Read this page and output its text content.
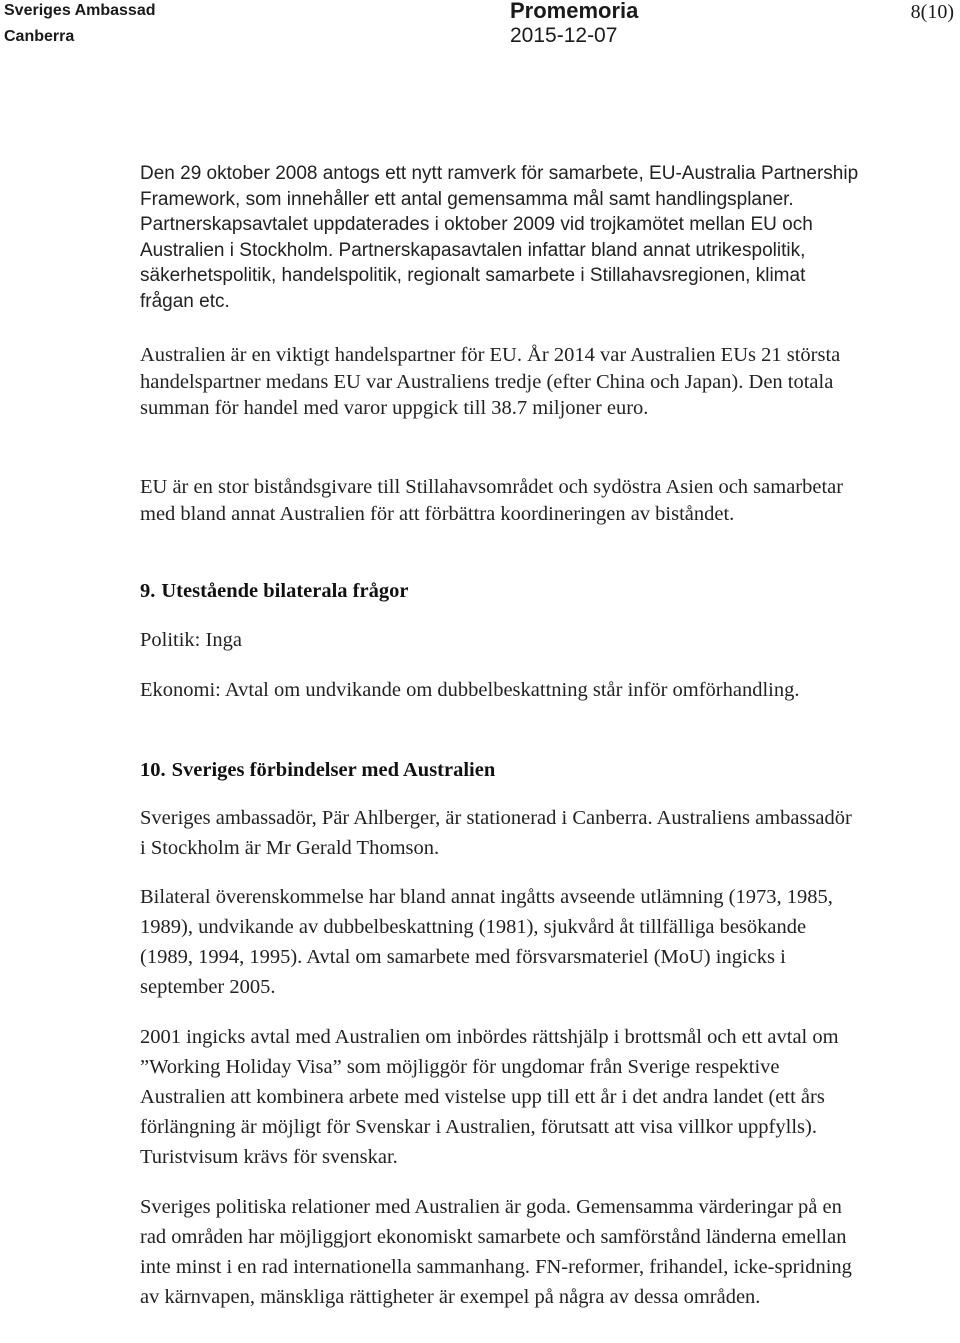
Sveriges Ambassad
Canberra
Promemoria
2015-12-07
8(10)

Den 29 oktober 2008 antogs ett nytt ramverk för samarbete, EU-Australia Partnership Framework, som innehåller ett antal gemensamma mål samt handlingsplaner. Partnerskapsavtalet uppdaterades i oktober 2009 vid trojkamötet mellan EU och Australien i Stockholm. Partnerskapasavtalen infattar bland annat utrikespolitik, säkerhetspolitik, handelspolitik, regionalt samarbete i Stillahavsregionen, klimat frågan etc.

Australien är en viktigt handelspartner för EU. År 2014 var Australien EUs 21 största handelspartner medans EU var Australiens tredje (efter China och Japan). Den totala summan för handel med varor uppgick till 38.7 miljoner euro.

EU är en stor biståndsgivare till Stillahavsområdet och sydöstra Asien och samarbetar med bland annat Australien för att förbättra koordineringen av biståndet.

9. Utestående bilaterala frågor

Politik: Inga

Ekonomi: Avtal om undvikande om dubbelbeskattning står inför omförhandling.

10. Sveriges förbindelser med Australien

Sveriges ambassadör, Pär Ahlberger, är stationerad i Canberra. Australiens ambassadör i Stockholm är Mr Gerald Thomson.

Bilateral överenskommelse har bland annat ingåtts avseende utlämning (1973, 1985, 1989), undvikande av dubbelbeskattning (1981), sjukvård åt tillfälliga besökande (1989, 1994, 1995). Avtal om samarbete med försvarsmateriel (MoU) ingicks i september 2005.

2001 ingicks avtal med Australien om inbördes rättshjälp i brottsmål och ett avtal om ”Working Holiday Visa” som möjliggör för ungdomar från Sverige respektive Australien att kombinera arbete med vistelse upp till ett år i det andra landet (ett års förlängning är möjligt för Svenskar i Australien, förutsatt att visa villkor uppfylls). Turistvisum krävs för svenskar.

Sveriges politiska relationer med Australien är goda. Gemensamma värderingar på en rad områden har möjliggjort ekonomiskt samarbete och samförstånd länderna emellan inte minst i en rad internationella sammanhang. FN-reformer, frihandel, icke-spridning av kärnvapen, mänskliga rättigheter är exempel på några av dessa områden.
